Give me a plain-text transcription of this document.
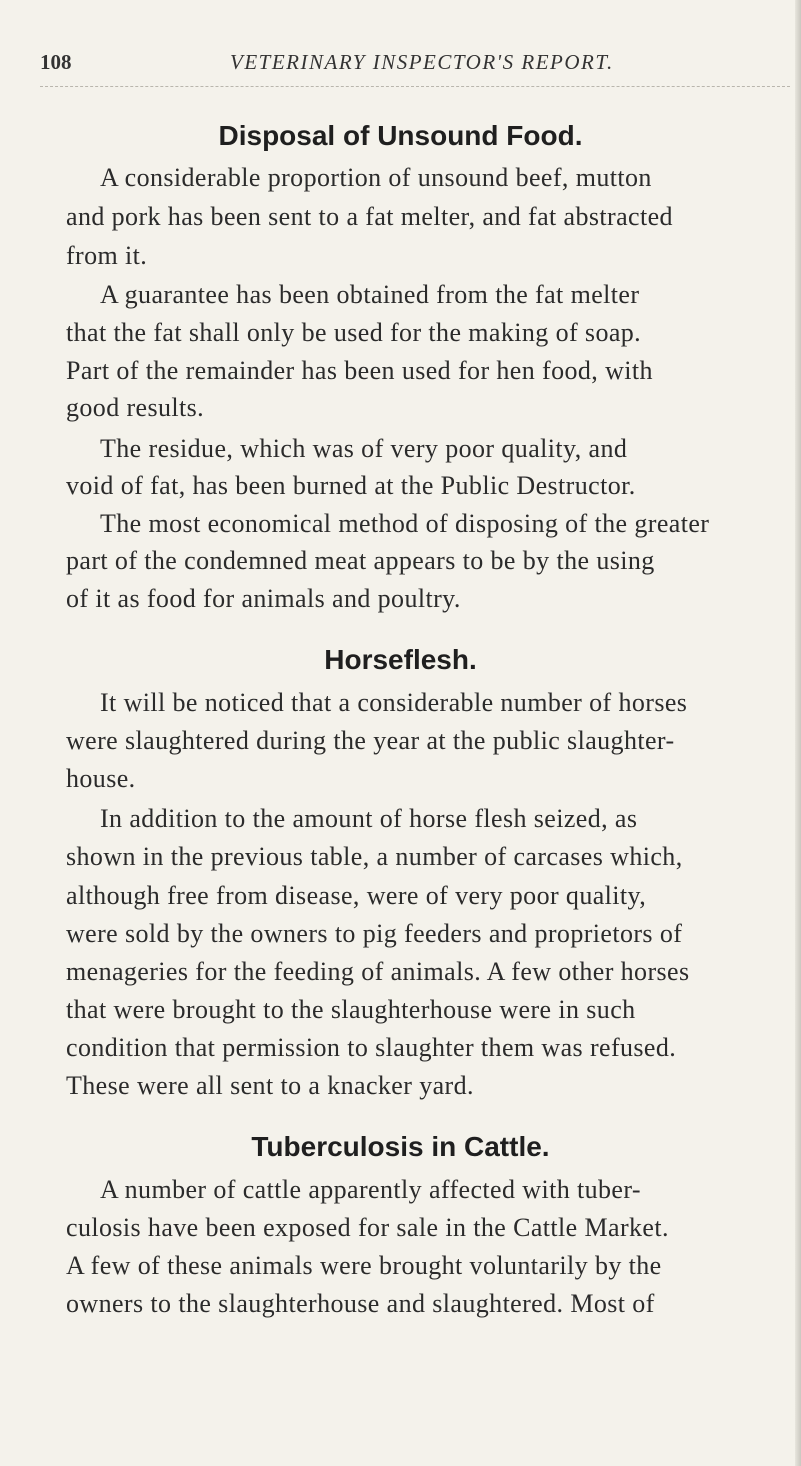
108	VETERINARY INSPECTOR'S REPORT.
Disposal of Unsound Food.
A considerable proportion of unsound beef, mutton
and pork has been sent to a fat melter, and fat abstracted
from it.
A guarantee has been obtained from the fat melter
that the fat shall only be used for the making of soap.
Part of the remainder has been used for hen food, with
good results.
The residue, which was of very poor quality, and
void of fat, has been burned at the Public Destructor.
The most economical method of disposing of the greater
part of the condemned meat appears to be by the using
of it as food for animals and poultry.
Horseflesh.
It will be noticed that a considerable number of horses
were slaughtered during the year at the public slaughter-
house.
In addition to the amount of horse flesh seized, as
shown in the previous table, a number of carcases which,
although free from disease, were of very poor quality,
were sold by the owners to pig feeders and proprietors of
menageries for the feeding of animals. A few other horses
that were brought to the slaughterhouse were in such
condition that permission to slaughter them was refused.
These were all sent to a knacker yard.
Tuberculosis in Cattle.
A number of cattle apparently affected with tuber-
culosis have been exposed for sale in the Cattle Market.
A few of these animals were brought voluntarily by the
owners to the slaughterhouse and slaughtered. Most of
